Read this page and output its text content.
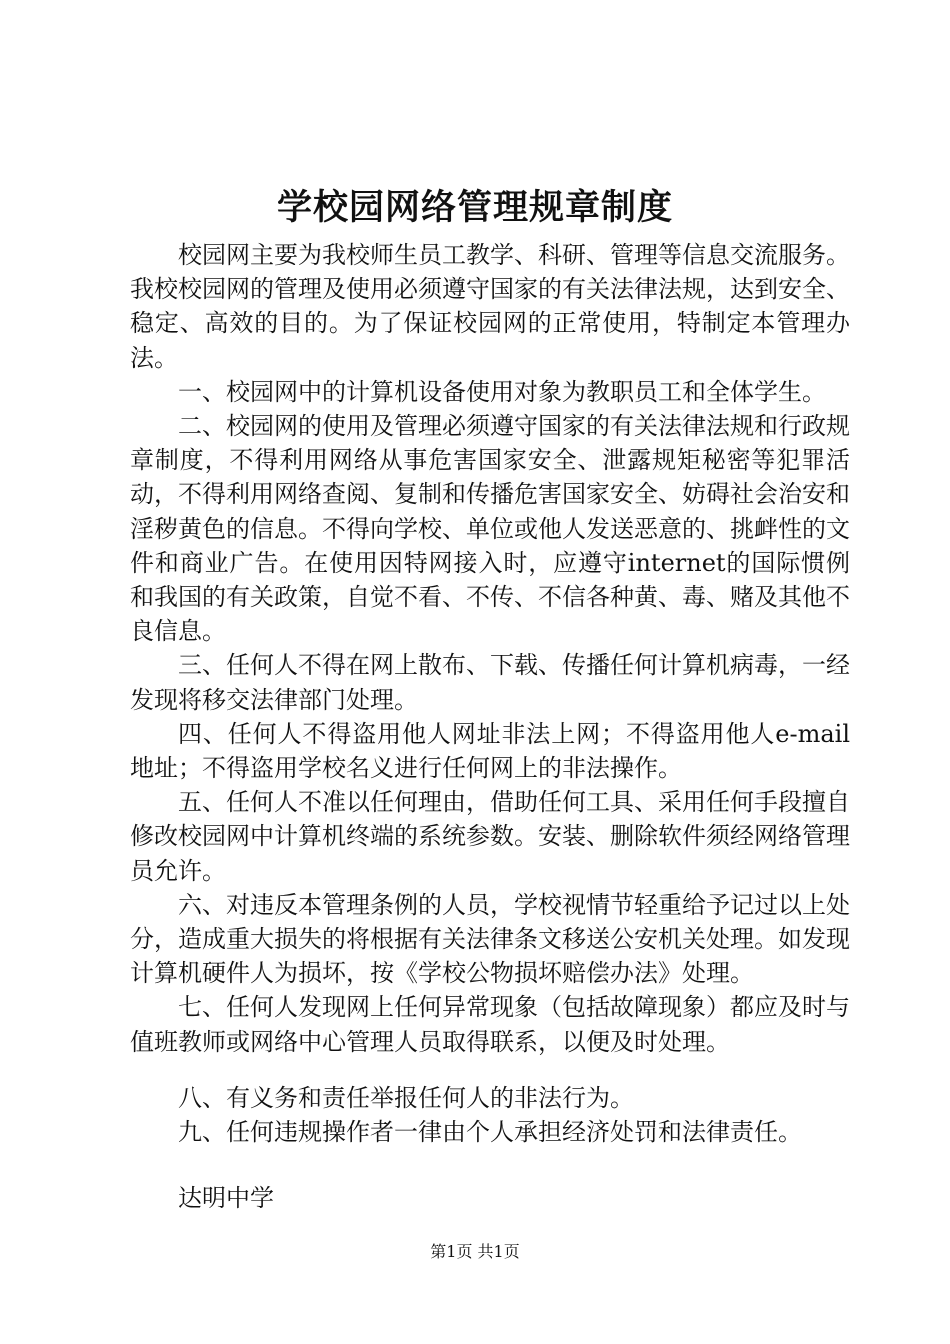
学校园网络管理规章制度

校园网主要为我校师生员工教学、科研、管理等信息交流服务。我校校园网的管理及使用必须遵守国家的有关法律法规，达到安全、稳定、高效的目的。为了保证校园网的正常使用，特制定本管理办法。

一、校园网中的计算机设备使用对象为教职员工和全体学生。

二、校园网的使用及管理必须遵守国家的有关法律法规和行政规章制度，不得利用网络从事危害国家安全、泄露规矩秘密等犯罪活动，不得利用网络查阅、复制和传播危害国家安全、妨碍社会治安和淫秽黄色的信息。不得向学校、单位或他人发送恶意的、挑衅性的文件和商业广告。在使用因特网接入时，应遵守internet的国际惯例和我国的有关政策，自觉不看、不传、不信各种黄、毒、赌及其他不良信息。

三、任何人不得在网上散布、下载、传播任何计算机病毒，一经发现将移交法律部门处理。

四、任何人不得盗用他人网址非法上网；不得盗用他人e-mail地址；不得盗用学校名义进行任何网上的非法操作。

五、任何人不准以任何理由，借助任何工具、采用任何手段擅自修改校园网中计算机终端的系统参数。安装、删除软件须经网络管理员允许。

六、对违反本管理条例的人员，学校视情节轻重给予记过以上处分，造成重大损失的将根据有关法律条文移送公安机关处理。如发现计算机硬件人为损坏，按《学校公物损坏赔偿办法》处理。

七、任何人发现网上任何异常现象（包括故障现象）都应及时与值班教师或网络中心管理人员取得联系，以便及时处理。

八、有义务和责任举报任何人的非法行为。

九、任何违规操作者一律由个人承担经济处罚和法律责任。

达明中学

第1页 共1页
